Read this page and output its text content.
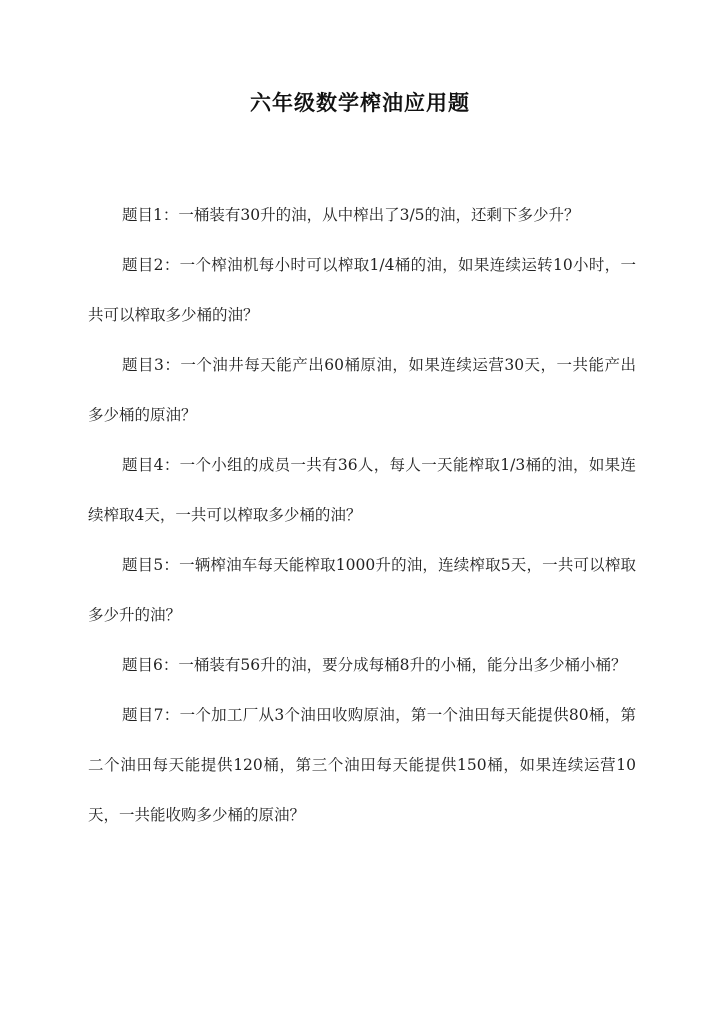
六年级数学榨油应用题

题目1：一桶装有30升的油，从中榨出了3/5的油，还剩下多少升？

题目2：一个榨油机每小时可以榨取1/4桶的油，如果连续运转10小时，一共可以榨取多少桶的油？

题目3：一个油井每天能产出60桶原油，如果连续运营30天，一共能产出多少桶的原油？

题目4：一个小组的成员一共有36人，每人一天能榨取1/3桶的油，如果连续榨取4天，一共可以榨取多少桶的油？

题目5：一辆榨油车每天能榨取1000升的油，连续榨取5天，一共可以榨取多少升的油？

题目6：一桶装有56升的油，要分成每桶8升的小桶，能分出多少桶小桶？

题目7：一个加工厂从3个油田收购原油，第一个油田每天能提供80桶，第二个油田每天能提供120桶，第三个油田每天能提供150桶，如果连续运营10天，一共能收购多少桶的原油？
